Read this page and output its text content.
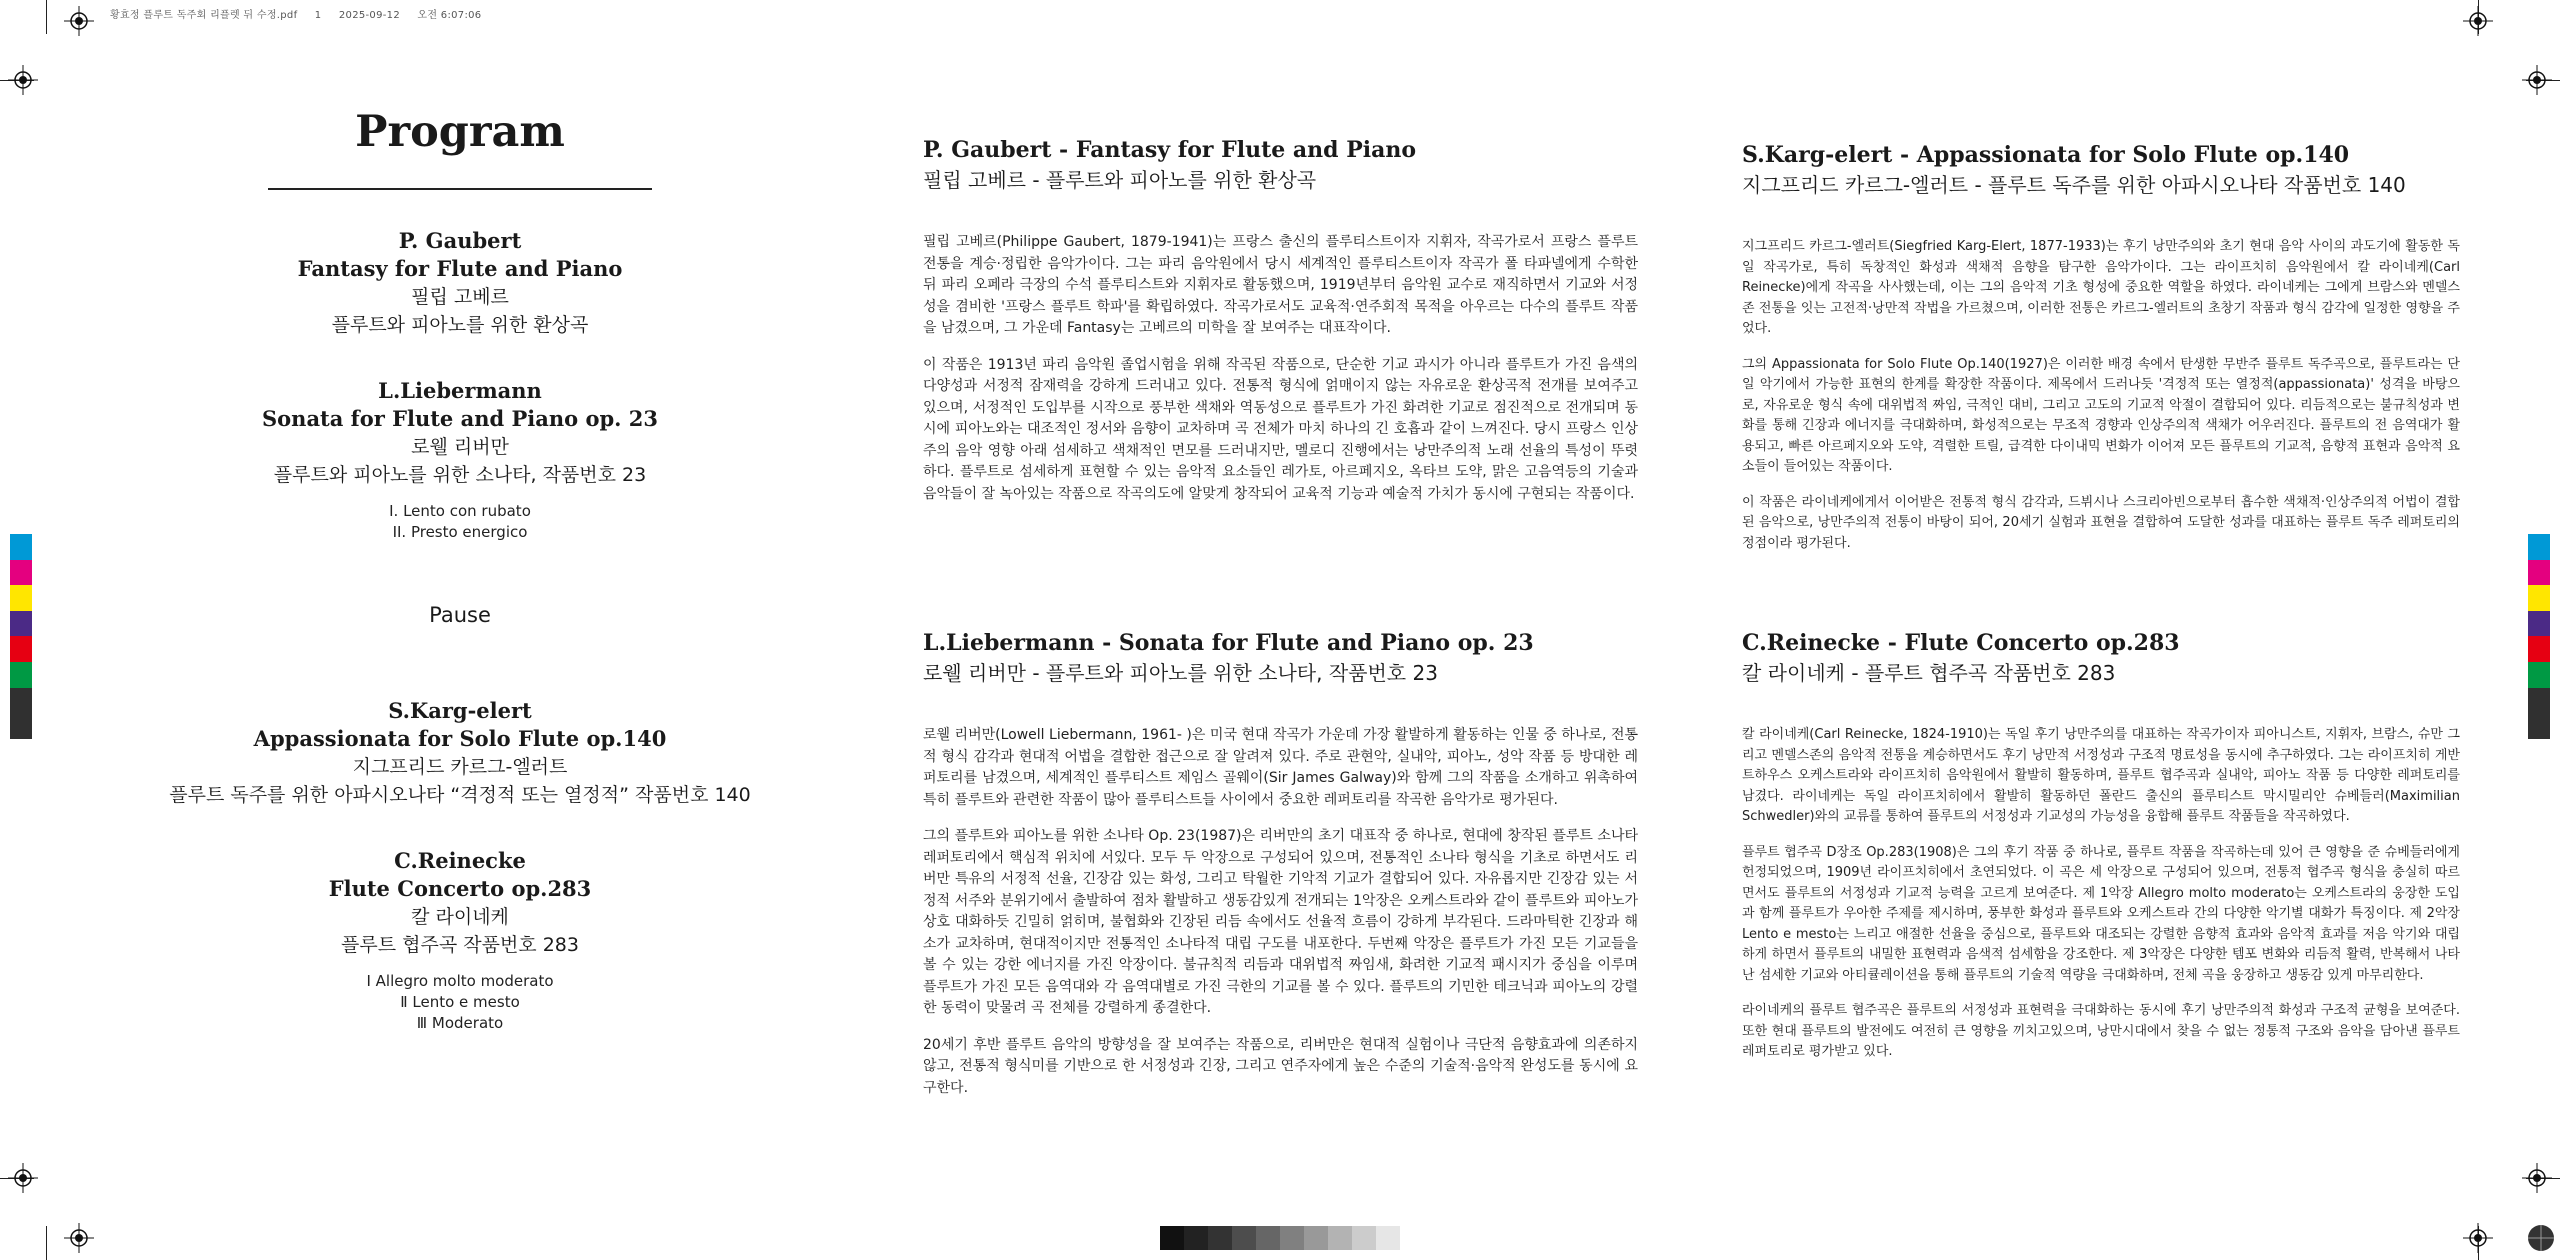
황효정 플루트 독주회 리플렛 뒤 수정.pdf 1 2025-09-12 오전 6:07:06
Program
P. Gaubert
Fantasy for Flute and Piano
필립 고베르
플루트와 피아노를 위한 환상곡
L.Liebermann
Sonata for Flute and Piano op. 23
로웰 리버만
플루트와 피아노를 위한 소나타, 작품번호 23
I. Lento con rubato
II. Presto energico
Pause
S.Karg-elert
Appassionata for Solo Flute op.140
지그프리드 카르그-엘러트
플루트 독주를 위한 아파시오나타 “격정적 또는 열정적” 작품번호 140
C.Reinecke
Flute Concerto op.283
칼 라이네케
플루트 협주곡 작품번호 283
Ⅰ Allegro molto moderato
Ⅱ Lento e mesto
Ⅲ Moderato
P. Gaubert - Fantasy for Flute and Piano
필립 고베르 - 플루트와 피아노를 위한 환상곡

필립 고베르(Philippe Gaubert, 1879-1941)는 프랑스 출신의 플루티스트이자 지휘자, 작곡가로서 프랑스 플루트 전통을 계승·정립한 음악가이다. 그는 파리 음악원에서 당시 세계적인 플루티스트이자 작곡가 폴 타파넬에게 수학한 뒤 파리 오페라 극장의 수석 플루티스트와 지휘자로 활동했으며, 1919년부터 음악원 교수로 재직하면서 기교와 서정성을 겸비한 '프랑스 플루트 학파'를 확립하였다. 작곡가로서도 교육적·연주회적 목적을 아우르는 다수의 플루트 작품을 남겼으며, 그 가운데 Fantasy는 고베르의 미학을 잘 보여주는 대표작이다.

이 작품은 1913년 파리 음악원 졸업시험을 위해 작곡된 작품으로, 단순한 기교 과시가 아니라 플루트가 가진 음색의 다양성과 서정적 잠재력을 강하게 드러내고 있다. 전통적 형식에 얽매이지 않는 자유로운 환상곡적 전개를 보여주고 있으며, 서정적인 도입부를 시작으로 풍부한 색채와 역동성으로 플루트가 가진 화려한 기교로 점진적으로 전개되며 동시에 피아노와는 대조적인 정서와 음향이 교차하며 곡 전체가 마치 하나의 긴 호흡과 같이 느껴진다. 당시 프랑스 인상주의 음악 영향 아래 섬세하고 색채적인 면모를 드러내지만, 멜로디 진행에서는 낭만주의적 노래 선율의 특성이 뚜렷하다. 플루트로 섬세하게 표현할 수 있는 음악적 요소들인 레가토, 아르페지오, 옥타브 도약, 맑은 고음역등의 기술과 음악들이 잘 녹아있는 작품으로 작곡의도에 알맞게 창작되어 교육적 기능과 예술적 가치가 동시에 구현되는 작품이다.

L.Liebermann - Sonata for Flute and Piano op. 23
로웰 리버만 - 플루트와 피아노를 위한 소나타, 작품번호 23

로웰 리버만(Lowell Liebermann, 1961- )은 미국 현대 작곡가 가운데 가장 활발하게 활동하는 인물 중 하나로, 전통적 형식 감각과 현대적 어법을 결합한 접근으로 잘 알려져 있다. 주로 관현악, 실내악, 피아노, 성악 작품 등 방대한 레퍼토리를 남겼으며, 세계적인 플루티스트 제임스 골웨이(Sir James Galway)와 함께 그의 작품을 소개하고 위촉하여 특히 플루트와 관련한 작품이 많아 플루티스트들 사이에서 중요한 레퍼토리를 작곡한 음악가로 평가된다.

그의 플루트와 피아노를 위한 소나타 Op. 23(1987)은 리버만의 초기 대표작 중 하나로, 현대에 창작된 플루트 소나타 레퍼토리에서 핵심적 위치에 서있다. 모두 두 악장으로 구성되어 있으며, 전통적인 소나타 형식을 기초로 하면서도 리버만 특유의 서정적 선율, 긴장감 있는 화성, 그리고 탁월한 기악적 기교가 결합되어 있다. 자유롭지만 긴장감 있는 서정적 서주와 분위기에서 출발하여 점차 활발하고 생동감있게 전개되는 1악장은 오케스트라와 같이 플루트와 피아노가 상호 대화하듯 긴밀히 얽히며, 불협화와 긴장된 리듬 속에서도 선율적 흐름이 강하게 부각된다. 드라마틱한 긴장과 해소가 교차하며, 현대적이지만 전통적인 소나타적 대립 구도를 내포한다. 두번째 악장은 플루트가 가진 모든 기교들을 볼 수 있는 강한 에너지를 가진 악장이다. 불규칙적 리듬과 대위법적 짜임새, 화려한 기교적 패시지가 중심을 이루며 플루트가 가진 모든 음역대와 각 음역대별로 가진 극한의 기교를 볼 수 있다. 플루트의 기민한 테크닉과 피아노의 강렬한 동력이 맞물려 곡 전체를 강렬하게 종결한다.

20세기 후반 플루트 음악의 방향성을 잘 보여주는 작품으로, 리버만은 현대적 실험이나 극단적 음향효과에 의존하지 않고, 전통적 형식미를 기반으로 한 서정성과 긴장, 그리고 연주자에게 높은 수준의 기술적·음악적 완성도를 동시에 요구한다.

S.Karg-elert - Appassionata for Solo Flute op.140
지그프리드 카르그-엘러트 - 플루트 독주를 위한 아파시오나타 작품번호 140

지그프리드 카르그-엘러트(Siegfried Karg-Elert, 1877-1933)는 후기 낭만주의와 초기 현대 음악 사이의 과도기에 활동한 독일 작곡가로, 특히 독창적인 화성과 색채적 음향을 탐구한 음악가이다. 그는 라이프치히 음악원에서 칼 라이네케(Carl Reinecke)에게 작곡을 사사했는데, 이는 그의 음악적 기초 형성에 중요한 역할을 하였다. 라이네케는 그에게 브람스와 멘델스존 전통을 잇는 고전적·낭만적 작법을 가르쳤으며, 이러한 전통은 카르그-엘러트의 초창기 작품과 형식 감각에 일정한 영향을 주었다.

그의 Appassionata for Solo Flute Op.140(1927)은 이러한 배경 속에서 탄생한 무반주 플루트 독주곡으로, 플루트라는 단일 악기에서 가능한 표현의 한계를 확장한 작품이다. 제목에서 드러나듯 '격정적 또는 열정적(appassionata)' 성격을 바탕으로, 자유로운 형식 속에 대위법적 짜임, 극적인 대비, 그리고 고도의 기교적 악절이 결합되어 있다. 리듬적으로는 불규칙성과 변화를 통해 긴장과 에너지를 극대화하며, 화성적으로는 무조적 경향과 인상주의적 색채가 어우러진다. 플루트의 전 음역대가 활용되고, 빠른 아르페지오와 도약, 격렬한 트릴, 급격한 다이내믹 변화가 이어져 모든 플루트의 기교적, 음향적 표현과 음악적 요소들이 들어있는 작품이다.

이 작품은 라이네케에게서 이어받은 전통적 형식 감각과, 드뷔시나 스크리아빈으로부터 흡수한 색채적·인상주의적 어법이 결합된 음악으로, 낭만주의적 전통이 바탕이 되어, 20세기 실험과 표현을 결합하여 도달한 성과를 대표하는 플루트 독주 레퍼토리의 정점이라 평가된다.

C.Reinecke - Flute Concerto op.283
칼 라이네케 - 플루트 협주곡 작품번호 283

칼 라이네케(Carl Reinecke, 1824-1910)는 독일 후기 낭만주의를 대표하는 작곡가이자 피아니스트, 지휘자, 브람스, 슈만 그리고 멘델스존의 음악적 전통을 계승하면서도 후기 낭만적 서정성과 구조적 명료성을 동시에 추구하였다. 그는 라이프치히 게반트하우스 오케스트라와 라이프치히 음악원에서 활발히 활동하며, 플루트 협주곡과 실내악, 피아노 작품 등 다양한 레퍼토리를 남겼다. 라이네케는 독일 라이프치히에서 활발히 활동하던 폴란드 출신의 플루티스트 막시밀리안 슈베들러(Maximilian Schwedler)와의 교류를 통하여 플루트의 서정성과 기교성의 가능성을 융합해 플루트 작품들을 작곡하였다.

플루트 협주곡 D장조 Op.283(1908)은 그의 후기 작품 중 하나로, 플루트 작품을 작곡하는데 있어 큰 영향을 준 슈베들러에게 헌정되었으며, 1909년 라이프치히에서 초연되었다. 이 곡은 세 악장으로 구성되어 있으며, 전통적 협주곡 형식을 충실히 따르면서도 플루트의 서정성과 기교적 능력을 고르게 보여준다. 제 1악장 Allegro molto moderato는 오케스트라의 웅장한 도입과 함께 플루트가 우아한 주제를 제시하며, 풍부한 화성과 플루트와 오케스트라 간의 다양한 악기별 대화가 특징이다. 제 2악장 Lento e mesto는 느리고 애절한 선율을 중심으로, 플루트와 대조되는 강렬한 음향적 효과와 음악적 효과를 저음 악기와 대립하게 하면서 플루트의 내밀한 표현력과 음색적 섬세함을 강조한다. 제 3악장은 다양한 템포 변화와 리듬적 활력, 반복해서 나타난 섬세한 기교와 아티큘레이션을 통해 플루트의 기술적 역량을 극대화하며, 전체 곡을 웅장하고 생동감 있게 마무리한다.

라이네케의 플루트 협주곡은 플루트의 서정성과 표현력을 극대화하는 동시에 후기 낭만주의적 화성과 구조적 균형을 보여준다. 또한 현대 플루트의 발전에도 여전히 큰 영향을 끼치고있으며, 낭만시대에서 찾을 수 없는 정통적 구조와 음악을 담아낸 플루트 레퍼토리로 평가받고 있다.
